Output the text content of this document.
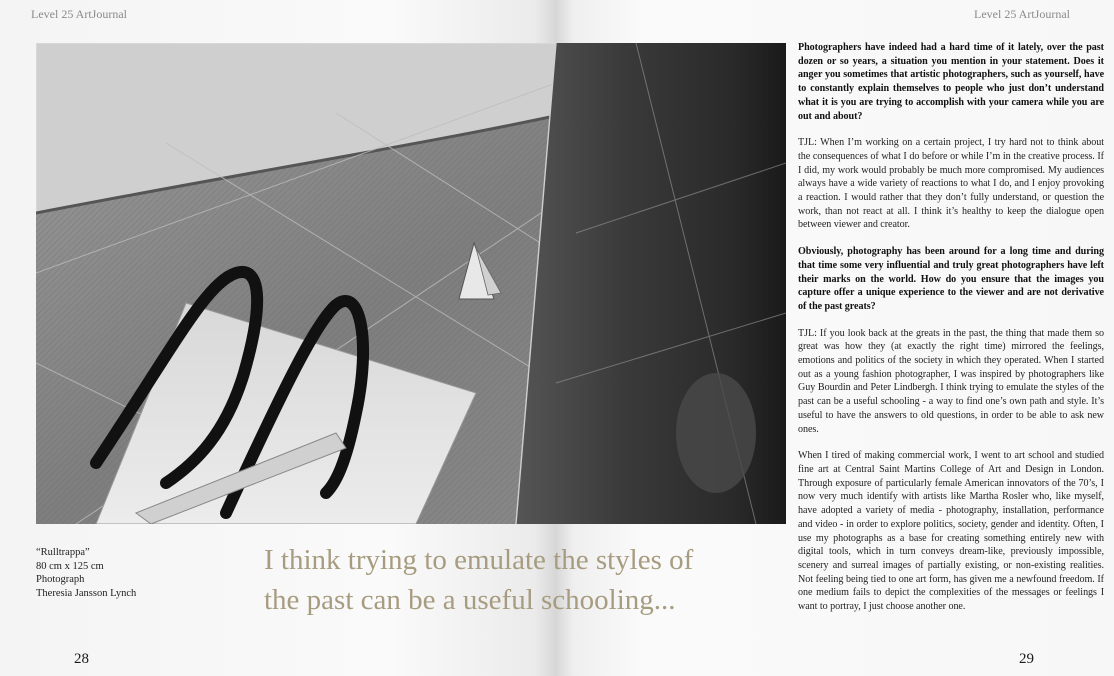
Level 25 ArtJournal	Level 25 ArtJournal
“Rulltrappa”
80 cm x 125 cm
Photograph
Theresia Jansson Lynch
I think trying to emulate the styles of
the past can be a useful schooling...

Photographers have indeed had a hard time of it lately, over the past dozen or so years, a situation you mention in your statement. Does it anger you sometimes that artistic photographers, such as yourself, have to constantly explain themselves to people who just don’t understand what it is you are trying to accomplish with your camera while you are out and about?

TJL: When I’m working on a certain project, I try hard not to think about the consequences of what I do before or while I’m in the creative process. If I did, my work would probably be much more compromised. My audiences always have a wide variety of reactions to what I do, and I enjoy provoking a reaction. I would rather that they don’t fully understand, or question the work, than not react at all. I think it’s healthy to keep the dialogue open between viewer and creator.

Obviously, photography has been around for a long time and during that time some very influential and truly great photographers have left their marks on the world. How do you ensure that the images you capture offer a unique experience to the viewer and are not derivative of the past greats?

TJL: If you look back at the greats in the past, the thing that made them so great was how they (at exactly the right time) mirrored the feelings, emotions and politics of the society in which they operated. When I started out as a young fashion photographer, I was inspired by photographers like Guy Bourdin and Peter Lindbergh. I think trying to emulate the styles of the past can be a useful schooling - a way to find one’s own path and style. It’s useful to have the answers to old questions, in order to be able to ask new ones.

When I tired of making commercial work, I went to art school and studied fine art at Central Saint Martins College of Art and Design in London. Through exposure of particularly female American innovators of the 70’s, I now very much identify with artists like Martha Rosler who, like myself, have adopted a variety of media - photography, installation, performance and video - in order to explore politics, society, gender and identity. Often, I use my photographs as a base for creating something entirely new with digital tools, which in turn conveys dream-like, previously impossible, scenery and surreal images of partially existing, or non-existing realities. Not feeling being tied to one art form, has given me a newfound freedom. If one medium fails to depict the complexities of the messages or feelings I want to portray, I just choose another one.

28	29
